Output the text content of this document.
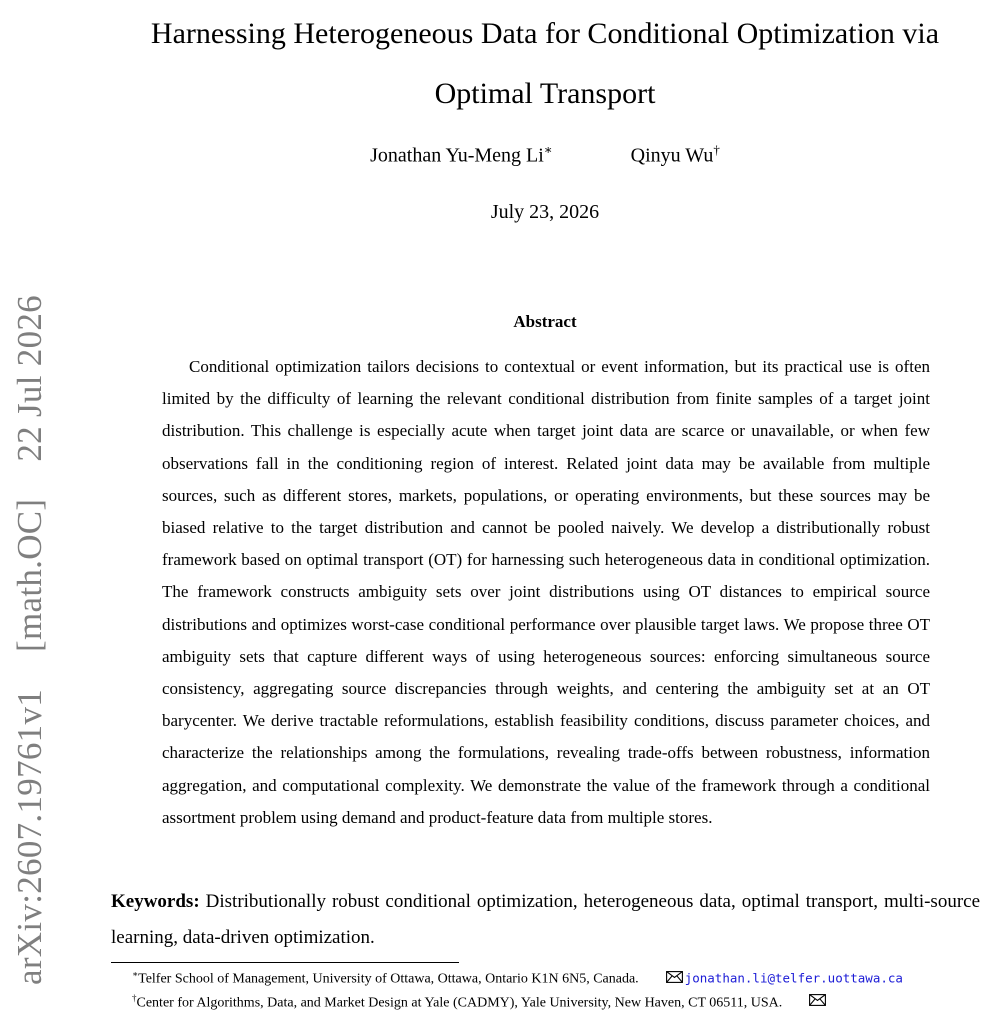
arXiv:2607.19761v1
[math.OC]
22 Jul 2026
Harnessing Heterogeneous Data for Conditional Optimization via Optimal Transport
Jonathan Yu-Meng Li∗	Qinyu Wu†
July 23, 2026
Abstract

Conditional optimization tailors decisions to contextual or event information, but its practical use is often limited by the difficulty of learning the relevant conditional distribution from finite samples of a target joint distribution. This challenge is especially acute when target joint data are scarce or unavailable, or when few observations fall in the conditioning region of interest. Related joint data may be available from multiple sources, such as different stores, markets, populations, or operating environments, but these sources may be biased relative to the target distribution and cannot be pooled naively. We develop a distributionally robust framework based on optimal transport (OT) for harnessing such heterogeneous data in conditional optimization. The framework constructs ambiguity sets over joint distributions using OT distances to empirical source distributions and optimizes worst-case conditional performance over plausible target laws. We propose three OT ambiguity sets that capture different ways of using heterogeneous sources: enforcing simultaneous source consistency, aggregating source discrepancies through weights, and centering the ambiguity set at an OT barycenter. We derive tractable reformulations, establish feasibility conditions, discuss parameter choices, and characterize the relationships among the formulations, revealing trade-offs between robustness, information aggregation, and computational complexity. We demonstrate the value of the framework through a conditional assortment problem using demand and product-feature data from multiple stores.

Keywords: Distributionally robust conditional optimization, heterogeneous data, optimal transport, multi-source learning, data-driven optimization.

∗Telfer School of Management, University of Ottawa, Ottawa, Ontario K1N 6N5, Canada.	jonathan.li@telfer.uottawa.ca
†Center for Algorithms, Data, and Market Design at Yale (CADMY), Yale University, New Haven, CT 06511, USA.
